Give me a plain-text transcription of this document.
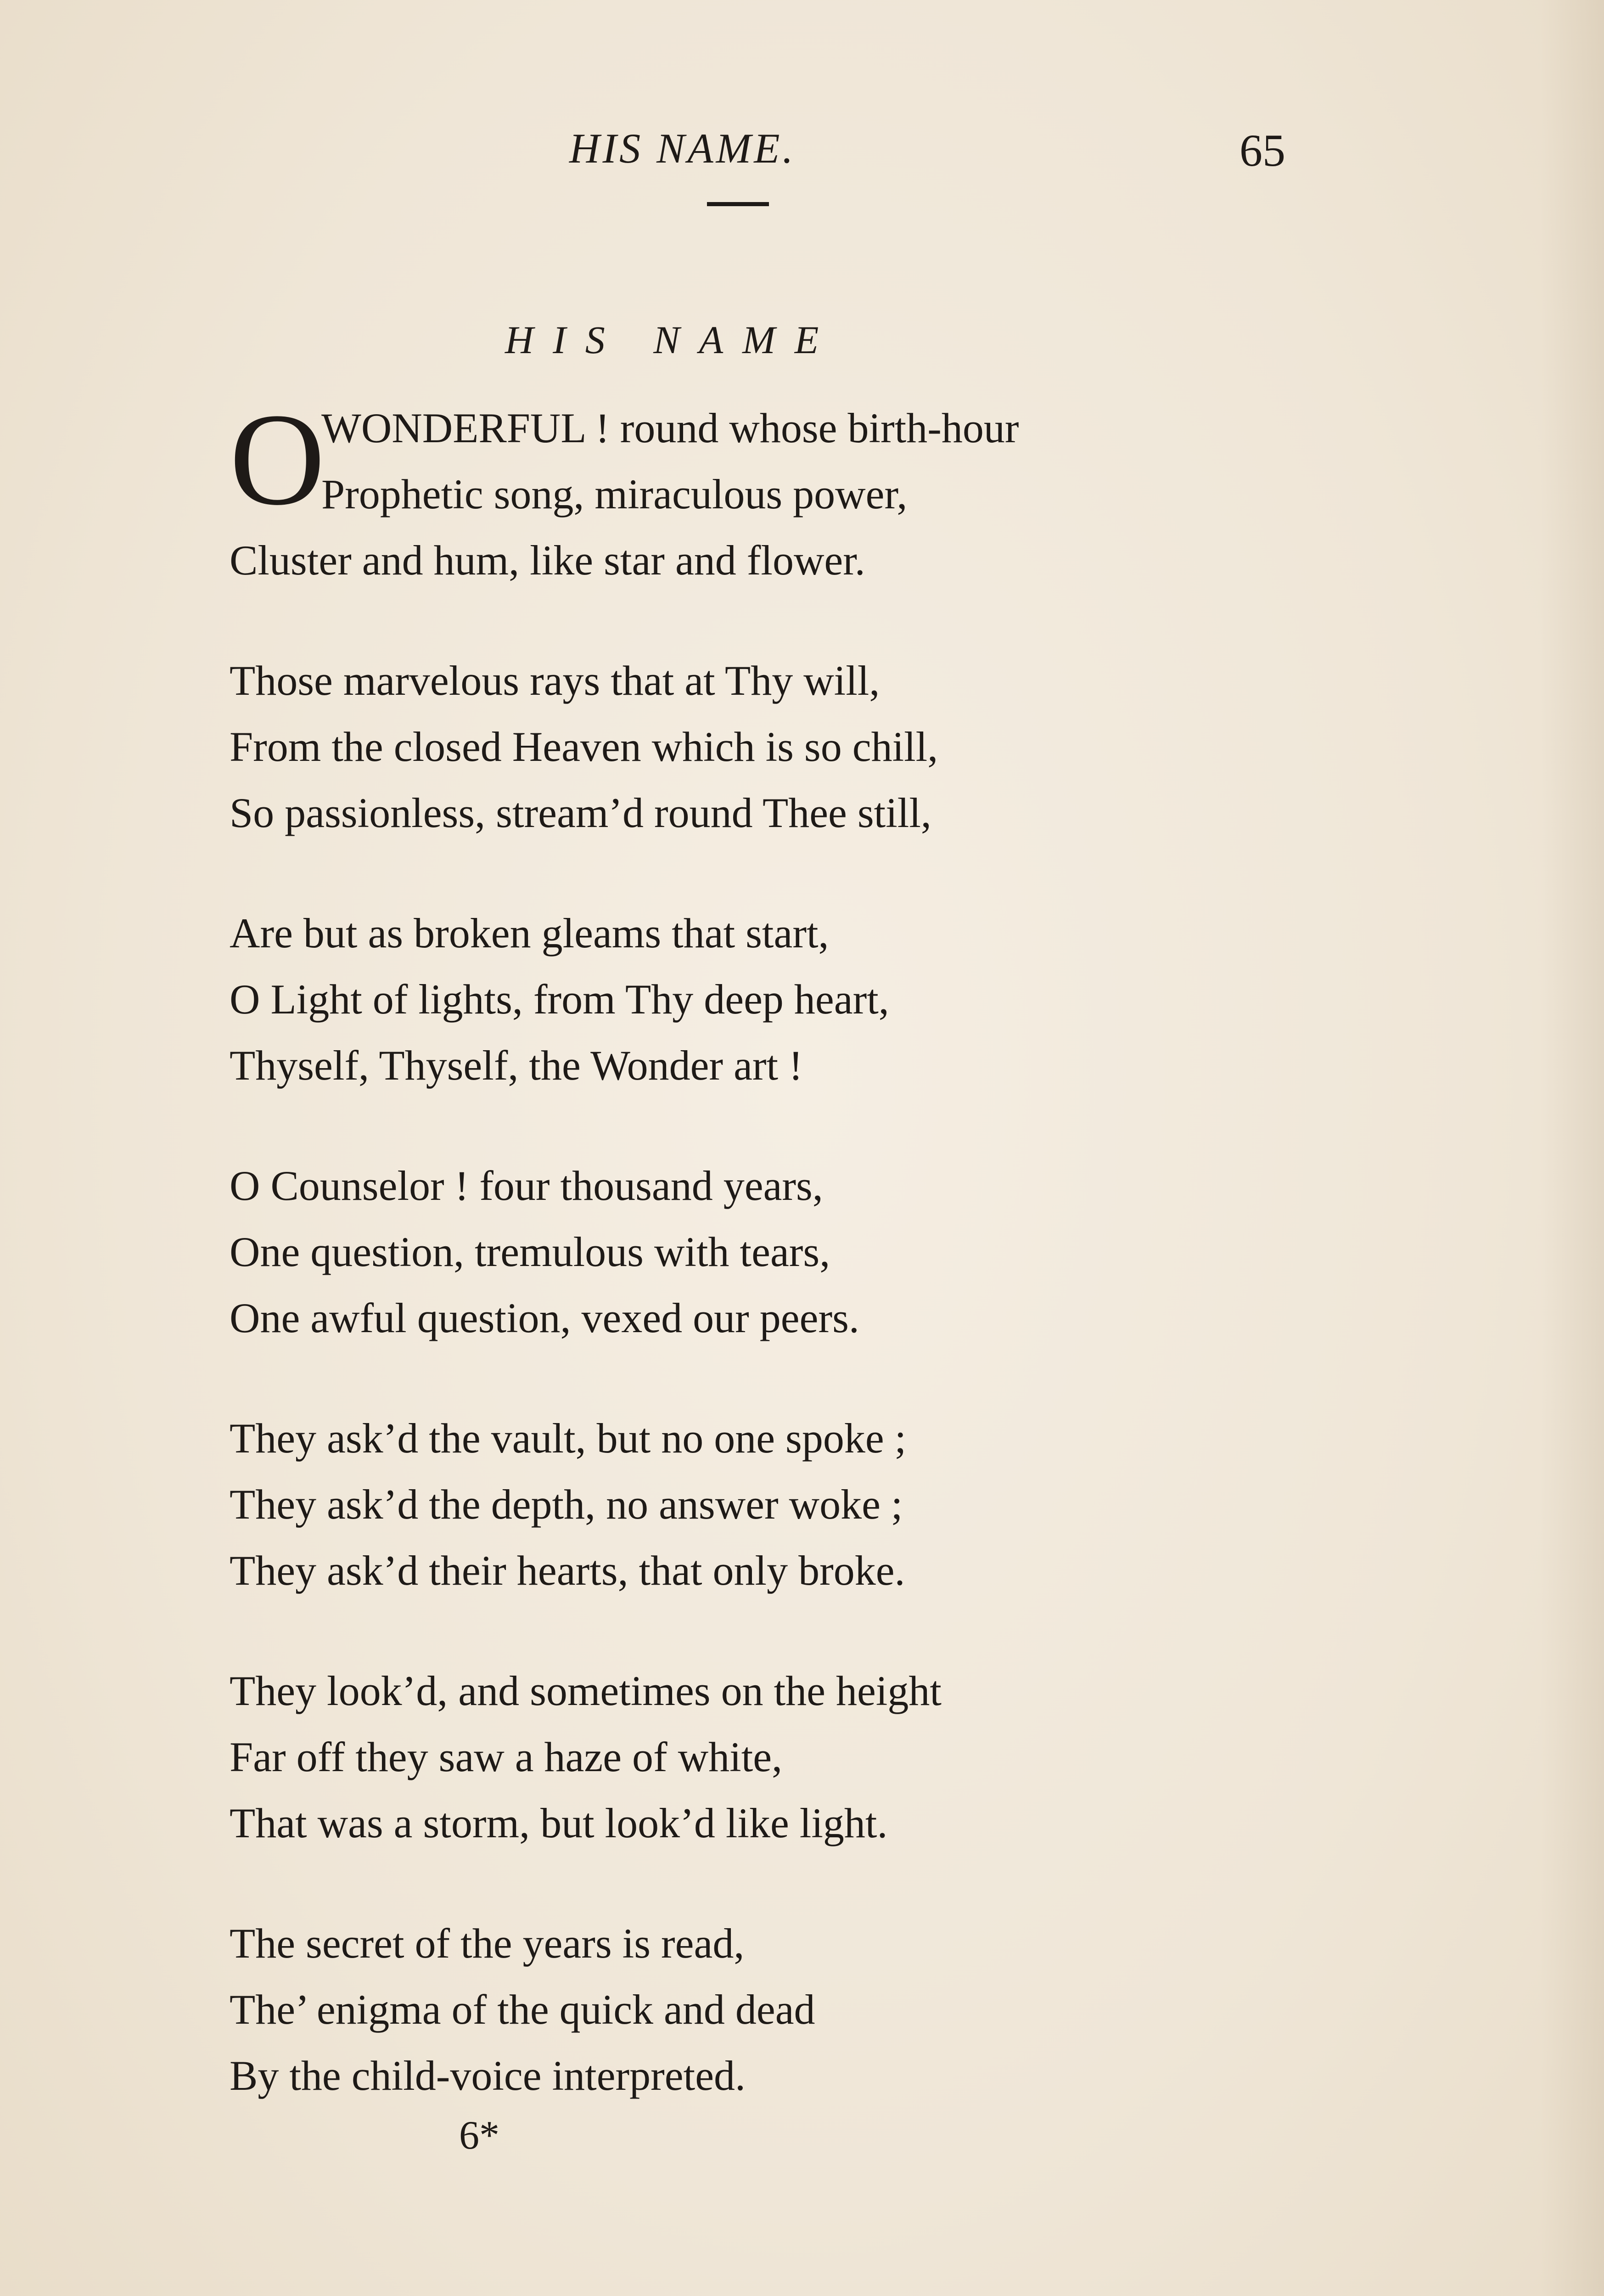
HIS NAME.	65
HIS NAME
O
WONDERFUL ! round whose birth-hour
Prophetic song, miraculous power,
Cluster and hum, like star and flower.
Those marvelous rays that at Thy will,
From the closed Heaven which is so chill,
So passionless, stream’d round Thee still,
Are but as broken gleams that start,
O Light of lights, from Thy deep heart,
Thyself, Thyself, the Wonder art !
O Counselor ! four thousand years,
One question, tremulous with tears,
One awful question, vexed our peers.
They ask’d the vault, but no one spoke ;
They ask’d the depth, no answer woke ;
They ask’d their hearts, that only broke.
They look’d, and sometimes on the height
Far off they saw a haze of white,
That was a storm, but look’d like light.
The secret of the years is read,
The’ enigma of the quick and dead
By the child-voice interpreted.
6*
